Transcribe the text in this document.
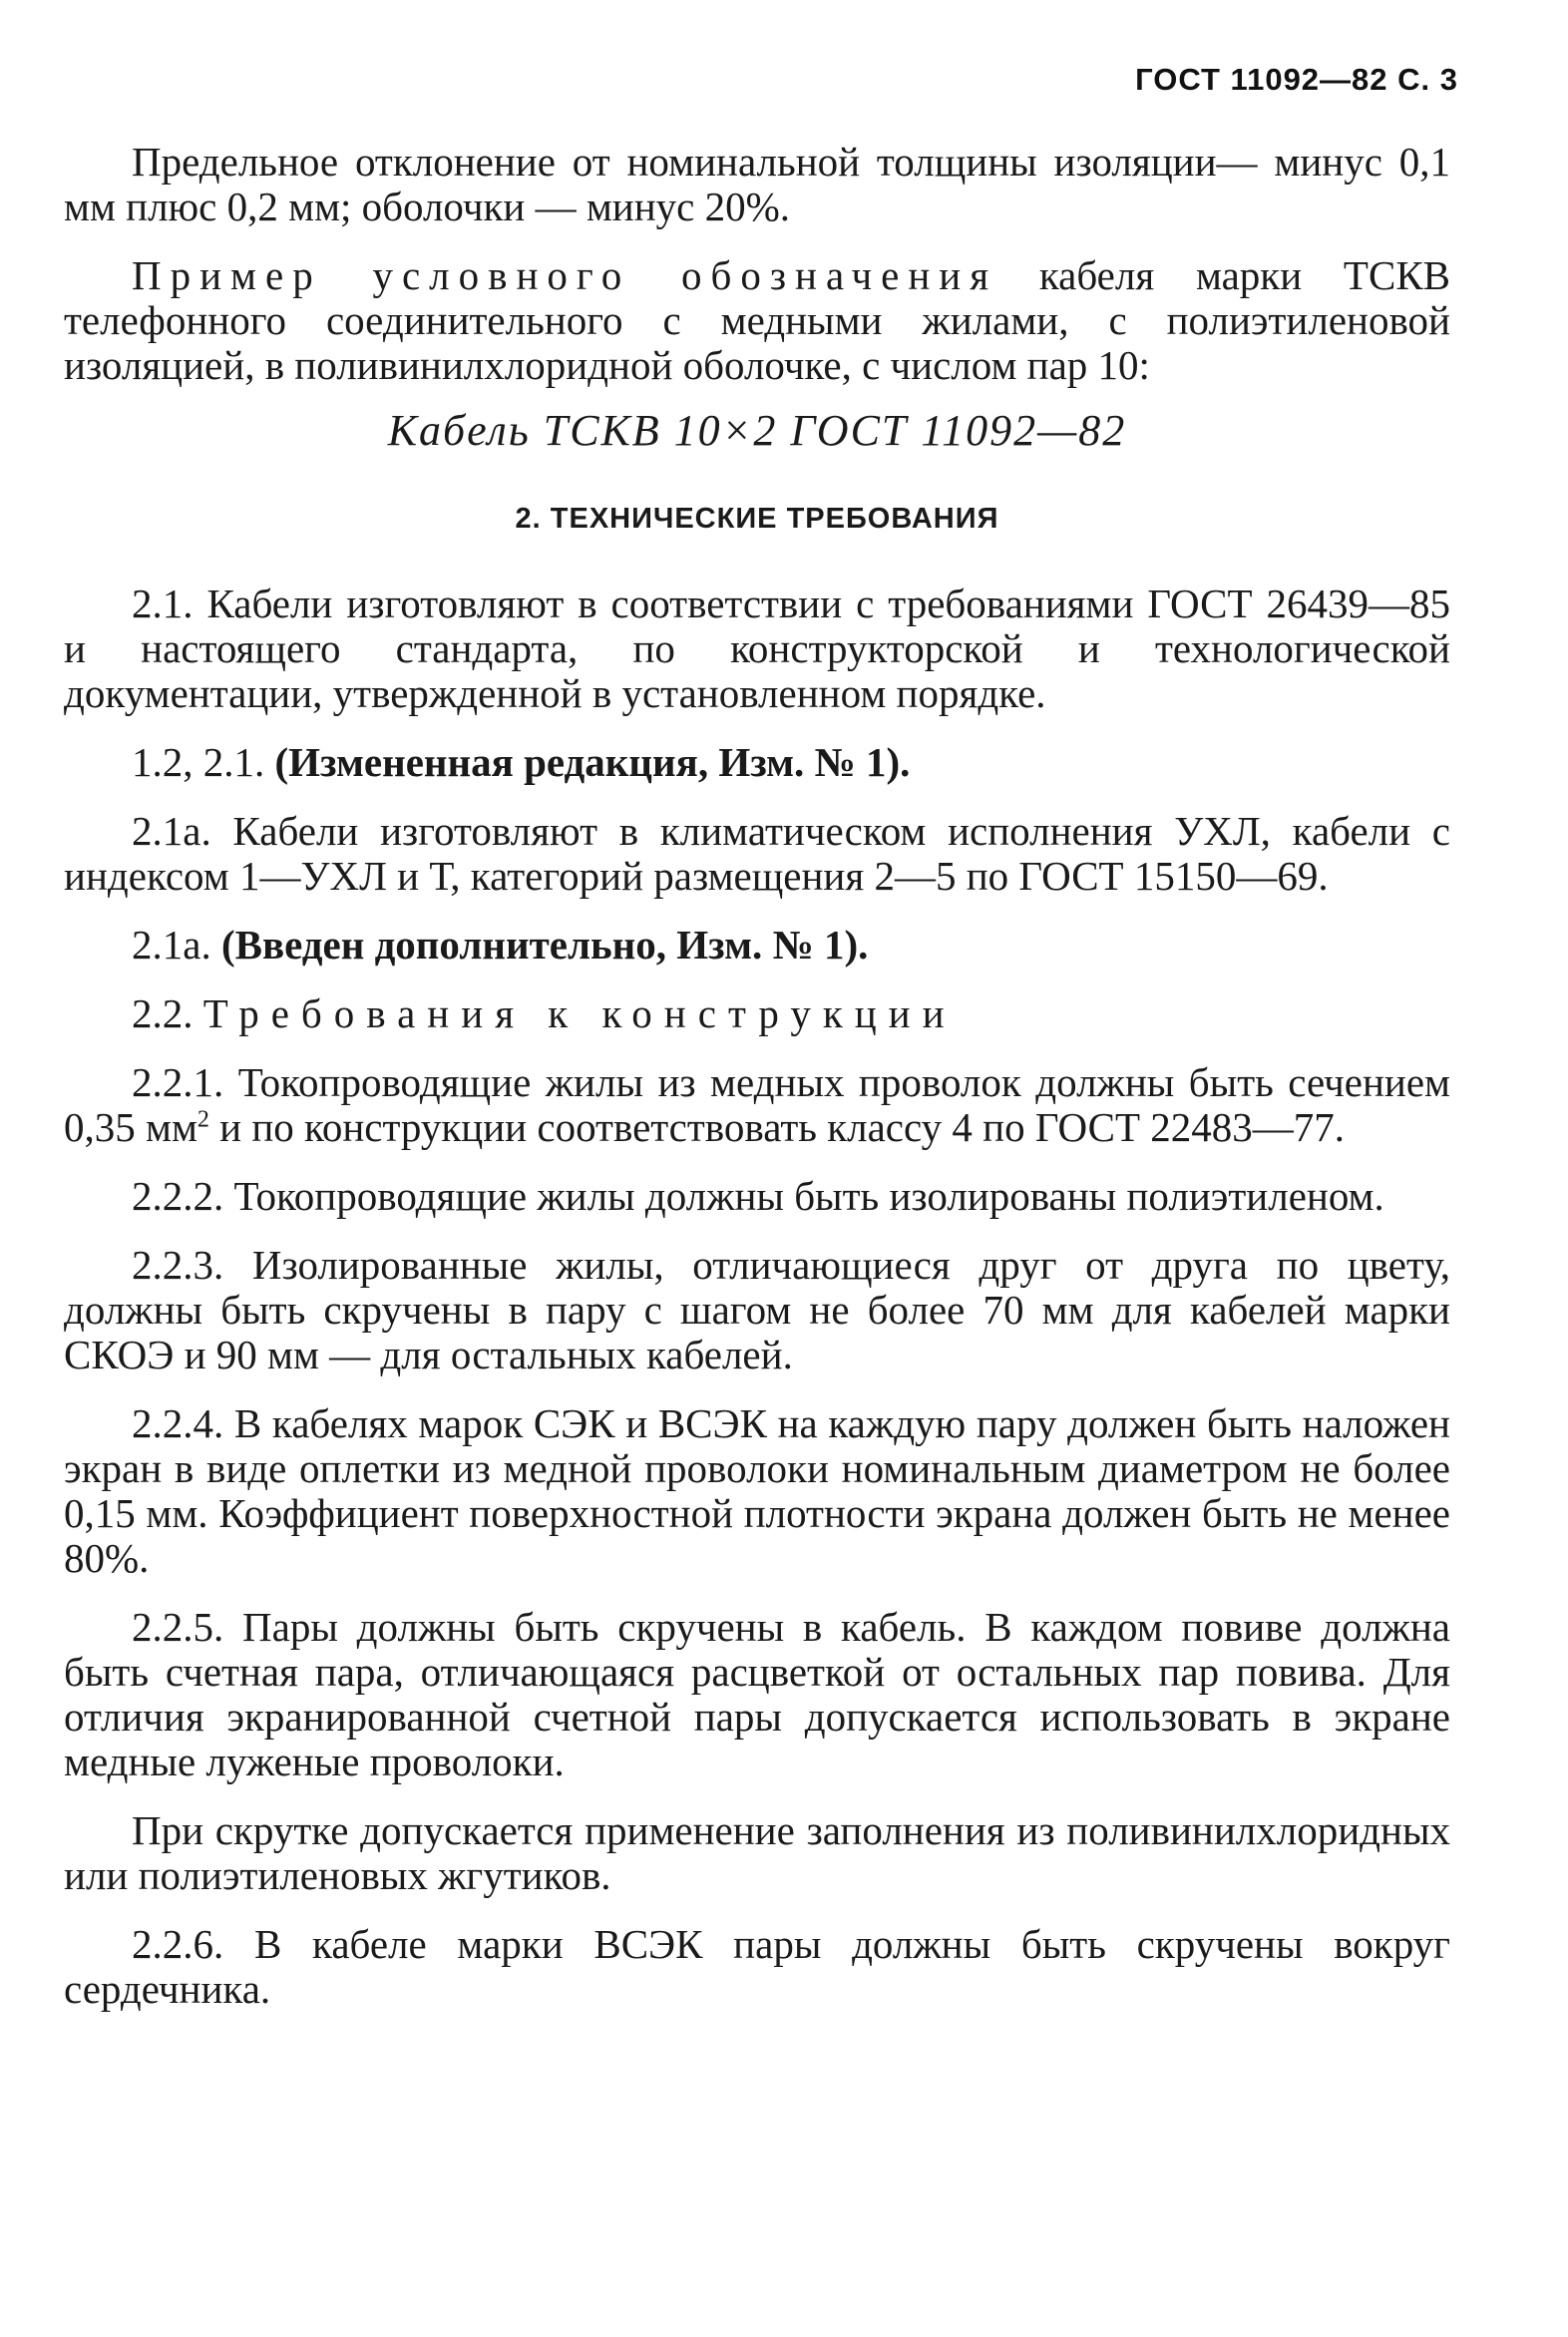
ГОСТ 11092—82 С. 3

Предельное отклонение от номинальной толщины изоляции— минус 0,1 мм плюс 0,2 мм; оболочки — минус 20%.

Пример условного обозначения кабеля марки ТСКВ телефонного соединительного с медными жилами, с полиэтиленовой изоляцией, в поливинилхлоридной оболочке, с числом пар 10:

Кабель ТСКВ 10×2 ГОСТ 11092—82
2. ТЕХНИЧЕСКИЕ ТРЕБОВАНИЯ

2.1. Кабели изготовляют в соответствии с требованиями ГОСТ 26439—85 и настоящего стандарта, по конструкторской и технологической документации, утвержденной в установленном порядке.

1.2, 2.1. (Измененная редакция, Изм. № 1).

2.1а. Кабели изготовляют в климатическом исполнения УХЛ, кабели с индексом 1—УХЛ и Т, категорий размещения 2—5 по ГОСТ 15150—69.

2.1а. (Введен дополнительно, Изм. № 1).

2.2. Требования к конструкции

2.2.1. Токопроводящие жилы из медных проволок должны быть сечением 0,35 $мм^2$ и по конструкции соответствовать классу 4 по ГОСТ 22483—77.

2.2.2. Токопроводящие жилы должны быть изолированы полиэтиленом.

2.2.3. Изолированные жилы, отличающиеся друг от друга по цвету, должны быть скручены в пару с шагом не более 70 мм для кабелей марки СКОЭ и 90 мм — для остальных кабелей.

2.2.4. В кабелях марок СЭК и ВСЭК на каждую пару должен быть наложен экран в виде оплетки из медной проволоки номинальным диаметром не более 0,15 мм. Коэффициент поверхностной плотности экрана должен быть не менее 80%.

2.2.5. Пары должны быть скручены в кабель. В каждом повиве должна быть счетная пара, отличающаяся расцветкой от остальных пар повива. Для отличия экранированной счетной пары допускается использовать в экране медные луженые проволоки.

При скрутке допускается применение заполнения из поливинилхлоридных или полиэтиленовых жгутиков.

2.2.6. В кабеле марки ВСЭК пары должны быть скручены вокруг сердечника.
